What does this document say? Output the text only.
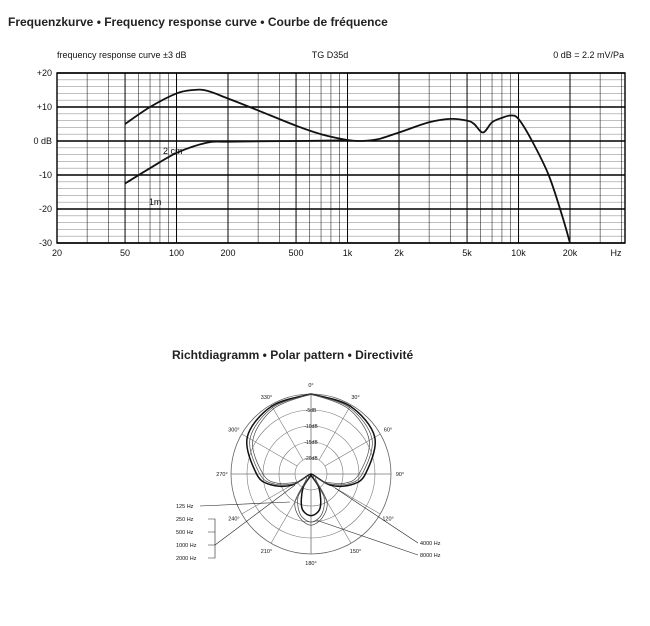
Frequenzkurve • Frequency response curve • Courbe de fréquence
Richtdiagramm • Polar pattern • Directivité
frequency response curve ±3 dB	TG D35d	0 dB = 2.2 mV/Pa
+20
+10
0 dB
-10
-20
-30
20	50	100	200	500	1k	2k	5k	10k	20k	Hz
2 cm
1m
-5dB
-10dB
-15dB
-20dB
0°
30°
60°
90°
120°
150°
180°
210°
240°
270°
300°
330°
125 Hz
250 Hz
500 Hz
1000 Hz
2000 Hz
4000 Hz
8000 Hz
